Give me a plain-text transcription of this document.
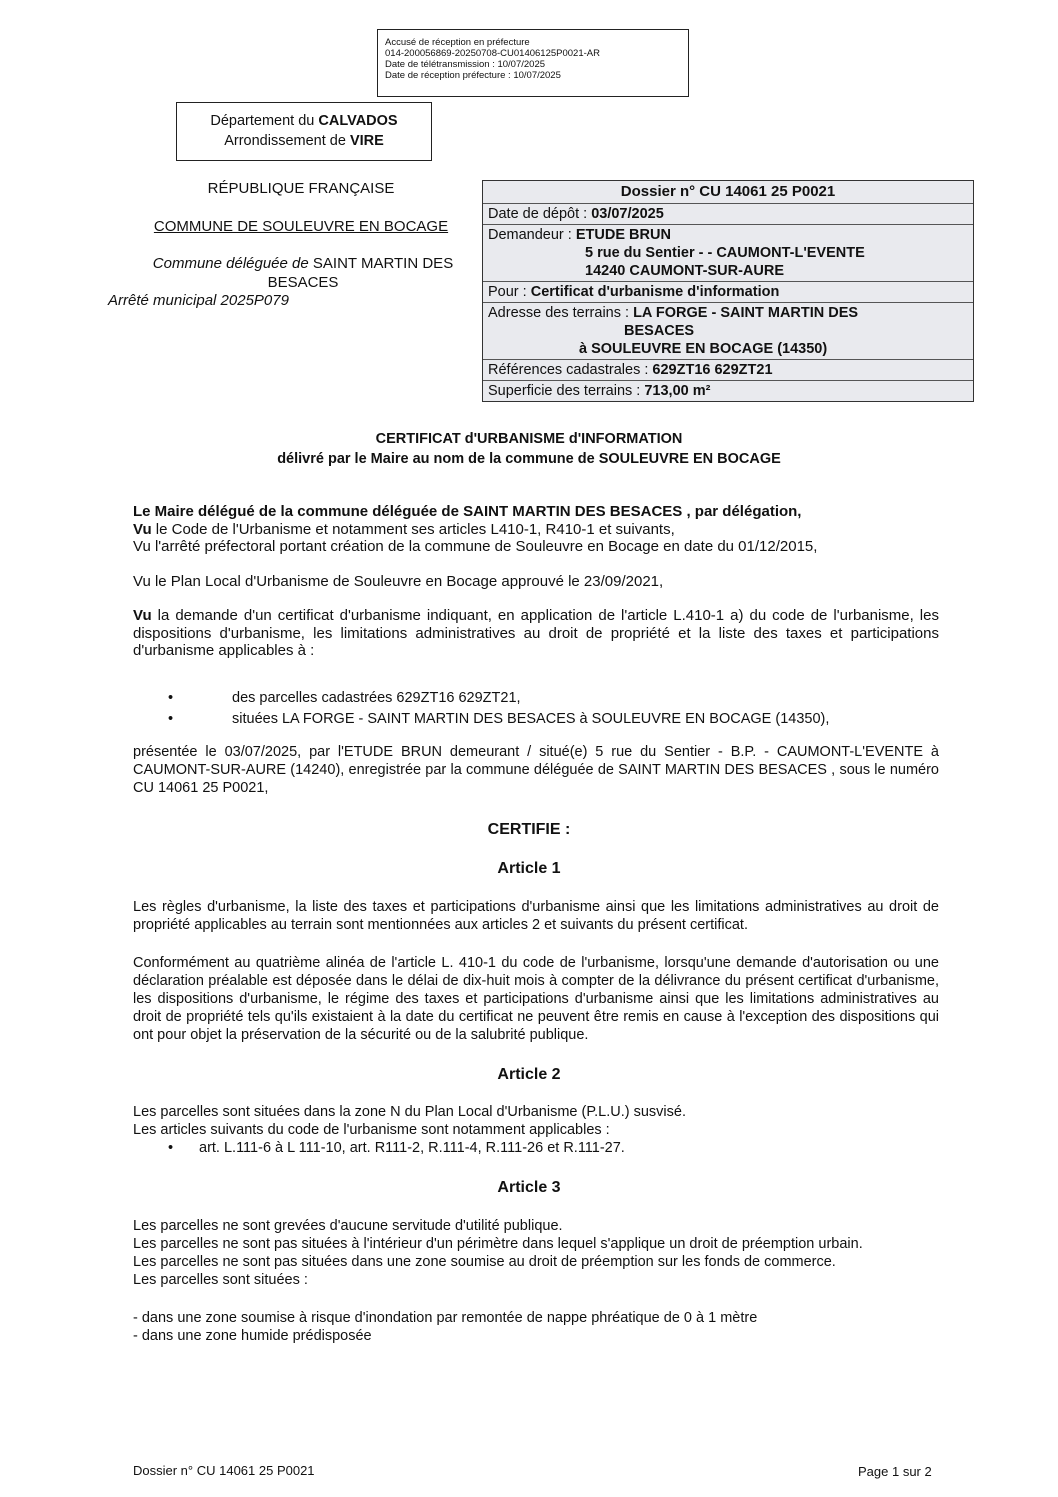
Accusé de réception en préfecture
014-200056869-20250708-CU01406125P0021-AR
Date de télétransmission : 10/07/2025
Date de réception préfecture : 10/07/2025
Département du CALVADOS
Arrondissement de VIRE
RÉPUBLIQUE FRANÇAISE
COMMUNE DE SOULEUVRE EN BOCAGE
Commune déléguée de SAINT MARTIN DES BESACES
Arrêté municipal 2025P079
Dossier n° CU 14061 25 P0021
Date de dépôt : 03/07/2025
Demandeur : ETUDE BRUN
5 rue du Sentier - - CAUMONT-L'EVENTE
14240 CAUMONT-SUR-AURE
Pour : Certificat d'urbanisme d'information
Adresse des terrains : LA FORGE - SAINT MARTIN DES
BESACES
à SOULEUVRE EN BOCAGE (14350)
Références cadastrales : 629ZT16 629ZT21
Superficie des terrains : 713,00 m²
CERTIFICAT d'URBANISME d'INFORMATION
délivré par le Maire au nom de la commune de SOULEUVRE EN BOCAGE

Le Maire délégué de la commune déléguée de SAINT MARTIN DES BESACES , par délégation,

Vu le Code de l'Urbanisme et notamment ses articles L410-1, R410-1 et suivants,

Vu l'arrêté préfectoral portant création de la commune de Souleuvre en Bocage en date du 01/12/2015,

Vu le Plan Local d'Urbanisme de Souleuvre en Bocage approuvé le 23/09/2021,

Vu la demande d'un certificat d'urbanisme indiquant, en application de l'article L.410-1 a) du code de l'urbanisme, les dispositions d'urbanisme, les limitations administratives au droit de propriété et la liste des taxes et participations d'urbanisme applicables à :

•	des parcelles cadastrées 629ZT16 629ZT21,
•	situées LA FORGE - SAINT MARTIN DES BESACES à SOULEUVRE EN BOCAGE (14350),
présentée le 03/07/2025, par l'ETUDE BRUN demeurant / situé(e) 5 rue du Sentier - B.P. - CAUMONT-L'EVENTE à CAUMONT-SUR-AURE (14240), enregistrée par la commune déléguée de SAINT MARTIN DES BESACES , sous le numéro CU 14061 25 P0021,
CERTIFIE :
Article 1
Les règles d'urbanisme, la liste des taxes et participations d'urbanisme ainsi que les limitations administratives au droit de propriété applicables au terrain sont mentionnées aux articles 2 et suivants du présent certificat.
Conformément au quatrième alinéa de l'article L. 410-1 du code de l'urbanisme, lorsqu'une demande d'autorisation ou une déclaration préalable est déposée dans le délai de dix-huit mois à compter de la délivrance du présent certificat d'urbanisme, les dispositions d'urbanisme, le régime des taxes et participations d'urbanisme ainsi que les limitations administratives au droit de propriété tels qu'ils existaient à la date du certificat ne peuvent être remis en cause à l'exception des dispositions qui ont pour objet la préservation de la sécurité ou de la salubrité publique.
Article 2

Les parcelles sont situées dans la zone N du Plan Local d'Urbanisme (P.L.U.) susvisé.

Les articles suivants du code de l'urbanisme sont notamment applicables :

• art. L.111-6 à L 111-10, art. R111-2, R.111-4, R.111-26 et R.111-27.
Article 3

Les parcelles ne sont grevées d'aucune servitude d'utilité publique.

Les parcelles ne sont pas situées à l'intérieur d'un périmètre dans lequel s'applique un droit de préemption urbain.

Les parcelles ne sont pas situées dans une zone soumise au droit de préemption sur les fonds de commerce.

Les parcelles sont situées :

- dans une zone soumise à risque d'inondation par remontée de nappe phréatique de 0 à 1 mètre

- dans une zone humide prédisposée

Dossier n° CU 14061 25 P0021	Page 1 sur 2
